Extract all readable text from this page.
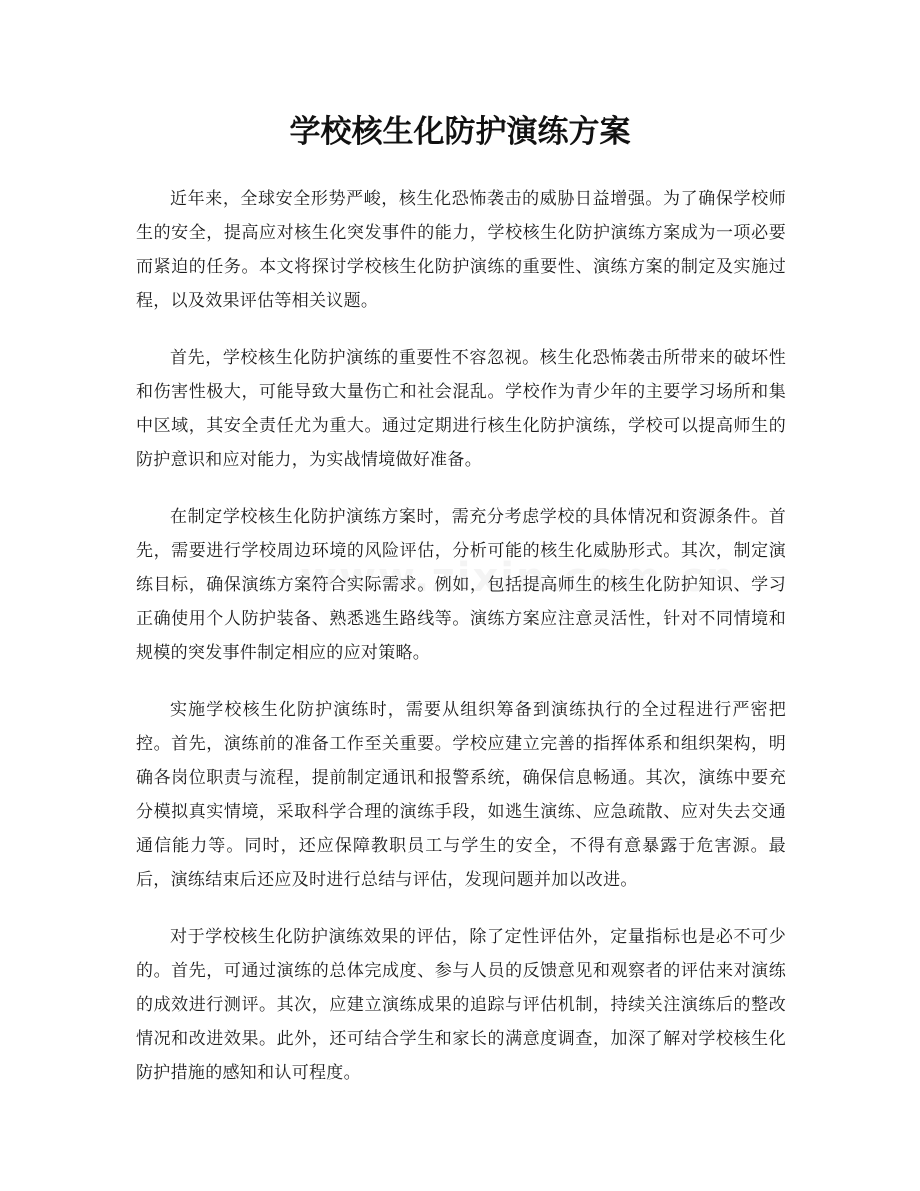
学校核生化防护演练方案

近年来，全球安全形势严峻，核生化恐怖袭击的威胁日益增强。为了确保学校师生的安全，提高应对核生化突发事件的能力，学校核生化防护演练方案成为一项必要而紧迫的任务。本文将探讨学校核生化防护演练的重要性、演练方案的制定及实施过程，以及效果评估等相关议题。

首先，学校核生化防护演练的重要性不容忽视。核生化恐怖袭击所带来的破坏性和伤害性极大，可能导致大量伤亡和社会混乱。学校作为青少年的主要学习场所和集中区域，其安全责任尤为重大。通过定期进行核生化防护演练，学校可以提高师生的防护意识和应对能力，为实战情境做好准备。

在制定学校核生化防护演练方案时，需充分考虑学校的具体情况和资源条件。首先，需要进行学校周边环境的风险评估，分析可能的核生化威胁形式。其次，制定演练目标，确保演练方案符合实际需求。例如，包括提高师生的核生化防护知识、学习正确使用个人防护装备、熟悉逃生路线等。演练方案应注意灵活性，针对不同情境和规模的突发事件制定相应的应对策略。

实施学校核生化防护演练时，需要从组织筹备到演练执行的全过程进行严密把控。首先，演练前的准备工作至关重要。学校应建立完善的指挥体系和组织架构，明确各岗位职责与流程，提前制定通讯和报警系统，确保信息畅通。其次，演练中要充分模拟真实情境，采取科学合理的演练手段，如逃生演练、应急疏散、应对失去交通通信能力等。同时，还应保障教职员工与学生的安全，不得有意暴露于危害源。最后，演练结束后还应及时进行总结与评估，发现问题并加以改进。

对于学校核生化防护演练效果的评估，除了定性评估外，定量指标也是必不可少的。首先，可通过演练的总体完成度、参与人员的反馈意见和观察者的评估来对演练的成效进行测评。其次，应建立演练成果的追踪与评估机制，持续关注演练后的整改情况和改进效果。此外，还可结合学生和家长的满意度调查，加深了解对学校核生化防护措施的感知和认可程度。
